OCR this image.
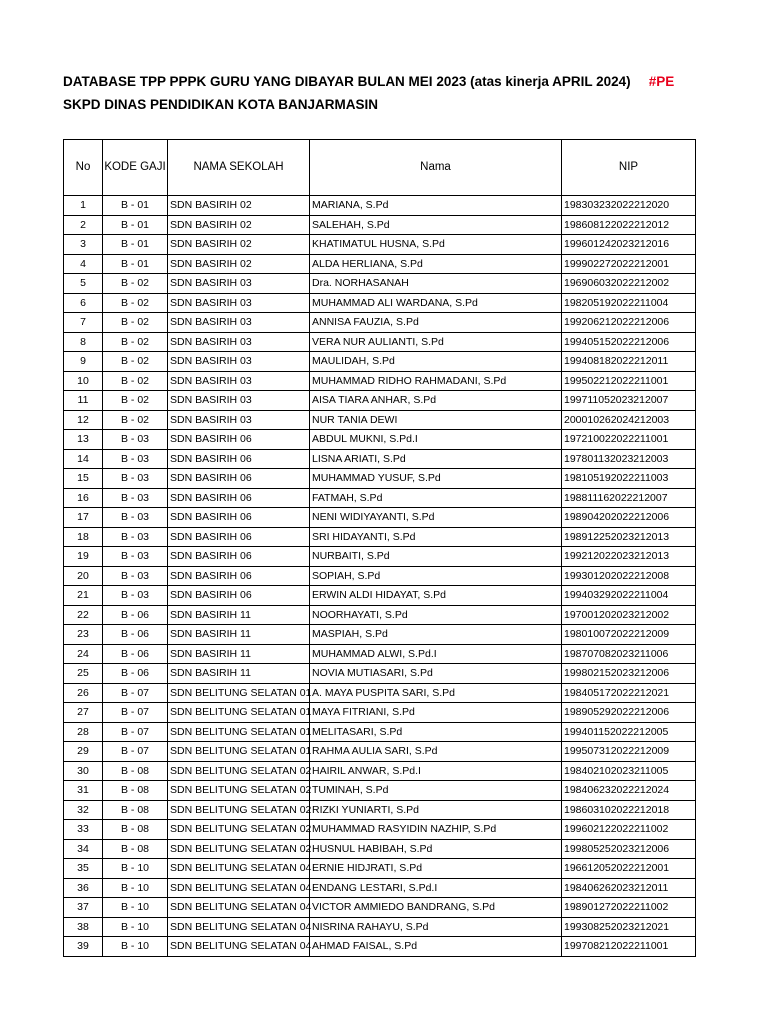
DATABASE TPP PPPK GURU YANG DIBAYAR BULAN MEI 2023 (atas kinerja APRIL 2024) #PE
SKPD DINAS PENDIDIKAN KOTA BANJARMASIN
No	KODE GAJI	NAMA SEKOLAH	Nama	NIP
1	B - 01	SDN BASIRIH 02	MARIANA, S.Pd	198303232022212020
2	B - 01	SDN BASIRIH 02	SALEHAH, S.Pd	198608122022212012
3	B - 01	SDN BASIRIH 02	KHATIMATUL HUSNA, S.Pd	199601242023212016
4	B - 01	SDN BASIRIH 02	ALDA HERLIANA, S.Pd	199902272022212001
5	B - 02	SDN BASIRIH 03	Dra. NORHASANAH	196906032022212002
6	B - 02	SDN BASIRIH 03	MUHAMMAD ALI WARDANA, S.Pd	198205192022211004
7	B - 02	SDN BASIRIH 03	ANNISA FAUZIA, S.Pd	199206212022212006
8	B - 02	SDN BASIRIH 03	VERA NUR AULIANTI, S.Pd	199405152022212006
9	B - 02	SDN BASIRIH 03	MAULIDAH, S.Pd	199408182022212011
10	B - 02	SDN BASIRIH 03	MUHAMMAD RIDHO RAHMADANI, S.Pd	199502212022211001
11	B - 02	SDN BASIRIH 03	AISA TIARA ANHAR, S.Pd	199711052023212007
12	B - 02	SDN BASIRIH 03	NUR TANIA DEWI	200010262024212003
13	B - 03	SDN BASIRIH 06	ABDUL MUKNI, S.Pd.I	197210022022211001
14	B - 03	SDN BASIRIH 06	LISNA ARIATI, S.Pd	197801132023212003
15	B - 03	SDN BASIRIH 06	MUHAMMAD YUSUF, S.Pd	198105192022211003
16	B - 03	SDN BASIRIH 06	FATMAH, S.Pd	198811162022212007
17	B - 03	SDN BASIRIH 06	NENI WIDIYAYANTI, S.Pd	198904202022212006
18	B - 03	SDN BASIRIH 06	SRI HIDAYANTI, S.Pd	198912252023212013
19	B - 03	SDN BASIRIH 06	NURBAITI, S.Pd	199212022023212013
20	B - 03	SDN BASIRIH 06	SOPIAH, S.Pd	199301202022212008
21	B - 03	SDN BASIRIH 06	ERWIN ALDI HIDAYAT, S.Pd	199403292022211004
22	B - 06	SDN BASIRIH 11	NOORHAYATI, S.Pd	197001202023212002
23	B - 06	SDN BASIRIH 11	MASPIAH, S.Pd	198010072022212009
24	B - 06	SDN BASIRIH 11	MUHAMMAD ALWI, S.Pd.I	198707082023211006
25	B - 06	SDN BASIRIH 11	NOVIA MUTIASARI, S.Pd	199802152023212006
26	B - 07	SDN BELITUNG SELATAN 01	A. MAYA PUSPITA SARI, S.Pd	198405172022212021
27	B - 07	SDN BELITUNG SELATAN 01	MAYA FITRIANI, S.Pd	198905292022212006
28	B - 07	SDN BELITUNG SELATAN 01	MELITASARI, S.Pd	199401152022212005
29	B - 07	SDN BELITUNG SELATAN 01	RAHMA AULIA SARI, S.Pd	199507312022212009
30	B - 08	SDN BELITUNG SELATAN 02	HAIRIL ANWAR, S.Pd.I	198402102023211005
31	B - 08	SDN BELITUNG SELATAN 02	TUMINAH, S.Pd	198406232022212024
32	B - 08	SDN BELITUNG SELATAN 02	RIZKI YUNIARTI, S.Pd	198603102022212018
33	B - 08	SDN BELITUNG SELATAN 02	MUHAMMAD RASYIDIN NAZHIP, S.Pd	199602122022211002
34	B - 08	SDN BELITUNG SELATAN 02	HUSNUL HABIBAH, S.Pd	199805252023212006
35	B - 10	SDN BELITUNG SELATAN 04	ERNIE HIDJRATI, S.Pd	196612052022212001
36	B - 10	SDN BELITUNG SELATAN 04	ENDANG LESTARI, S.Pd.I	198406262023212011
37	B - 10	SDN BELITUNG SELATAN 04	VICTOR AMMIEDO BANDRANG, S.Pd	198901272022211002
38	B - 10	SDN BELITUNG SELATAN 04	NISRINA RAHAYU, S.Pd	199308252023212021
39	B - 10	SDN BELITUNG SELATAN 04	AHMAD FAISAL, S.Pd	199708212022211001
